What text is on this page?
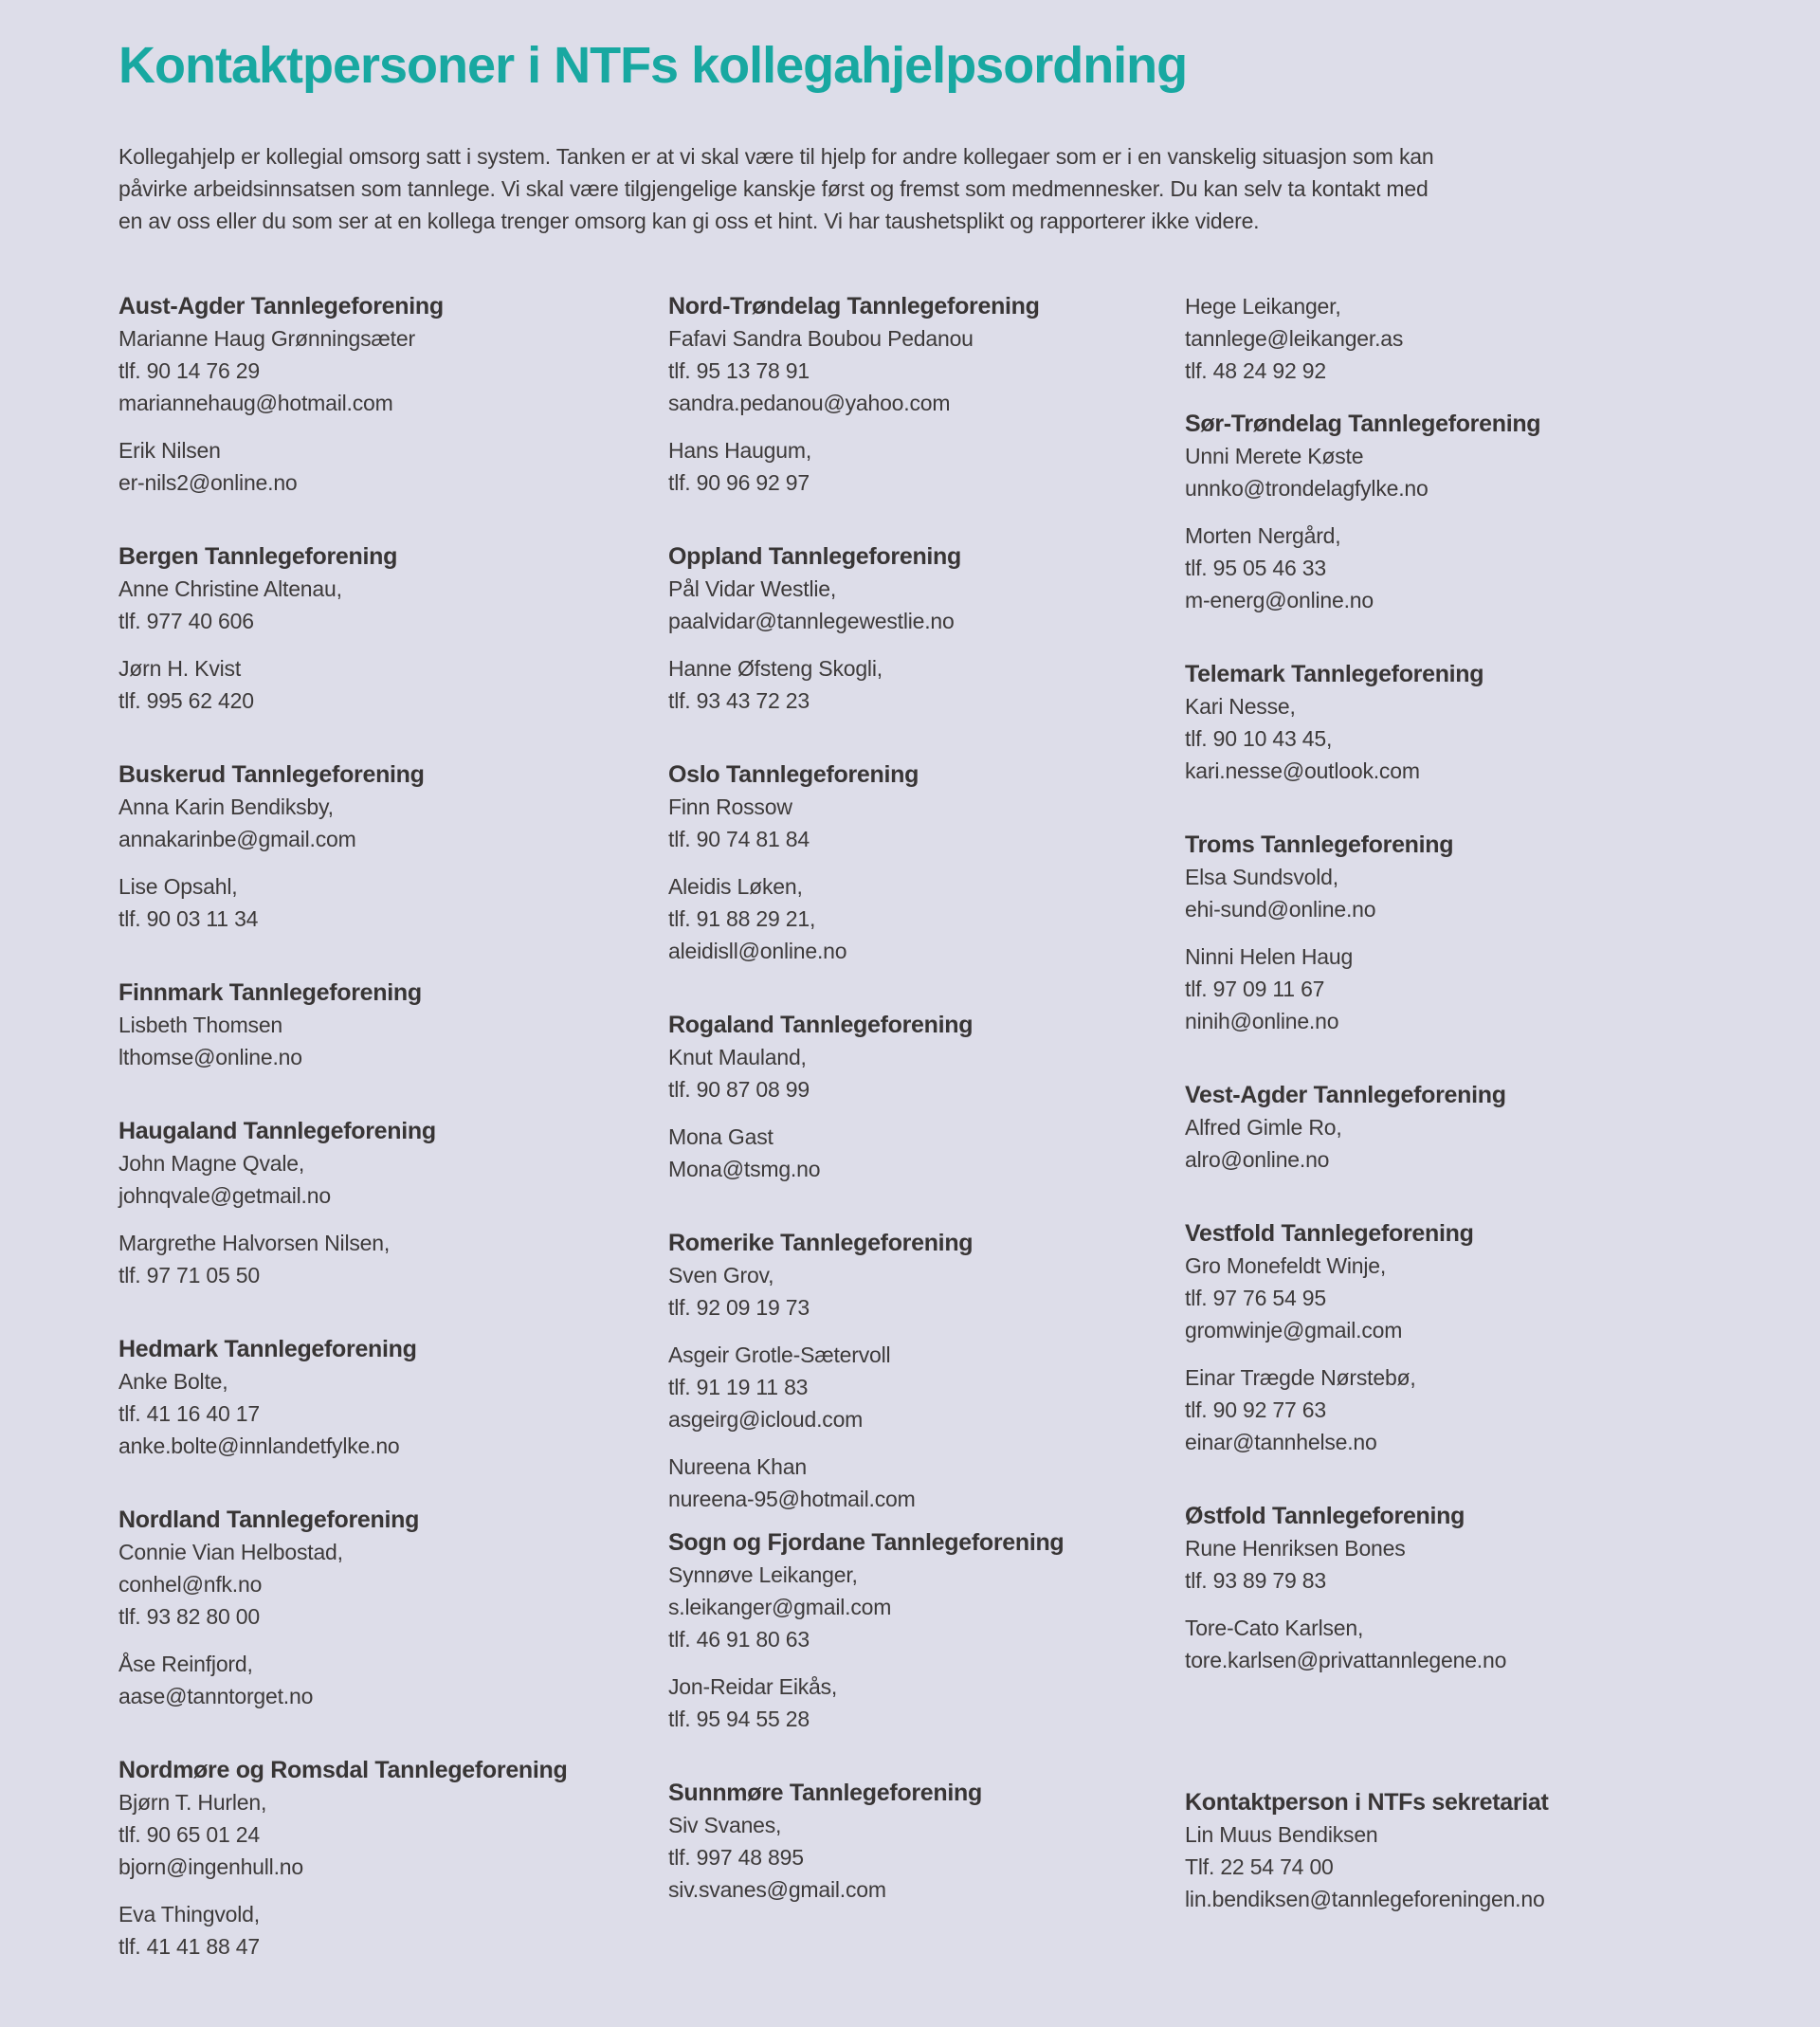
Kontaktpersoner i NTFs kollegahjelpsordning
Kollegahjelp er kollegial omsorg satt i system. Tanken er at vi skal være til hjelp for andre kollegaer som er i en vanskelig situasjon som kan
påvirke arbeidsinnsatsen som tannlege. Vi skal være tilgjengelige kanskje først og fremst som medmennesker. Du kan selv ta kontakt med
en av oss eller du som ser at en kollega trenger omsorg kan gi oss et hint. Vi har taushetsplikt og rapporterer ikke videre.
Aust-Agder Tannlegeforening
Marianne Haug Grønningsæter
tlf. 90 14 76 29
mariannehaug@hotmail.com
Erik Nilsen
er-nils2@online.no
Bergen Tannlegeforening
Anne Christine Altenau,
tlf. 977 40 606
Jørn H. Kvist
tlf. 995 62 420
Buskerud Tannlegeforening
Anna Karin Bendiksby,
annakarinbe@gmail.com
Lise Opsahl,
tlf. 90 03 11 34
Finnmark Tannlegeforening
Lisbeth Thomsen
lthomse@online.no
Haugaland Tannlegeforening
John Magne Qvale,
johnqvale@getmail.no
Margrethe Halvorsen Nilsen,
tlf. 97 71 05 50
Hedmark Tannlegeforening
Anke Bolte,
tlf. 41 16 40 17
anke.bolte@innlandetfylke.no
Nordland Tannlegeforening
Connie Vian Helbostad,
conhel@nfk.no
tlf. 93 82 80 00
Åse Reinfjord,
aase@tanntorget.no
Nordmøre og Romsdal Tannlegeforening
Bjørn T. Hurlen,
tlf. 90 65 01 24
bjorn@ingenhull.no
Eva Thingvold,
tlf. 41 41 88 47
Nord-Trøndelag Tannlegeforening
Fafavi Sandra Boubou Pedanou
tlf. 95 13 78 91
sandra.pedanou@yahoo.com
Hans Haugum,
tlf. 90 96 92 97
Oppland Tannlegeforening
Pål Vidar Westlie,
paalvidar@tannlegewestlie.no
Hanne Øfsteng Skogli,
tlf. 93 43 72 23
Oslo Tannlegeforening
Finn Rossow
tlf. 90 74 81 84
Aleidis Løken,
tlf. 91 88 29 21,
aleidisll@online.no
Rogaland Tannlegeforening
Knut Mauland,
tlf. 90 87 08 99
Mona Gast
Mona@tsmg.no
Romerike Tannlegeforening
Sven Grov,
tlf. 92 09 19 73
Asgeir Grotle-Sætervoll
tlf. 91 19 11 83
asgeirg@icloud.com
Nureena Khan
nureena-95@hotmail.com
Sogn og Fjordane Tannlegeforening
Synnøve Leikanger,
s.leikanger@gmail.com
tlf. 46 91 80 63
Jon-Reidar Eikås,
tlf. 95 94 55 28
Sunnmøre Tannlegeforening
Siv Svanes,
tlf. 997 48 895
siv.svanes@gmail.com
Hege Leikanger,
tannlege@leikanger.as
tlf. 48 24 92 92
Sør-Trøndelag Tannlegeforening
Unni Merete Køste
unnko@trondelagfylke.no
Morten Nergård,
tlf. 95 05 46 33
m-energ@online.no
Telemark Tannlegeforening
Kari Nesse,
tlf. 90 10 43 45,
kari.nesse@outlook.com
Troms Tannlegeforening
Elsa Sundsvold,
ehi-sund@online.no
Ninni Helen Haug
tlf. 97 09 11 67
ninih@online.no
Vest-Agder Tannlegeforening
Alfred Gimle Ro,
alro@online.no
Vestfold Tannlegeforening
Gro Monefeldt Winje,
tlf. 97 76 54 95
gromwinje@gmail.com
Einar Trægde Nørstebø,
tlf. 90 92 77 63
einar@tannhelse.no
Østfold Tannlegeforening
Rune Henriksen Bones
tlf. 93 89 79 83
Tore-Cato Karlsen,
tore.karlsen@privattannlegene.no
Kontaktperson i NTFs sekretariat
Lin Muus Bendiksen
Tlf. 22 54 74 00
lin.bendiksen@tannlegeforeningen.no
